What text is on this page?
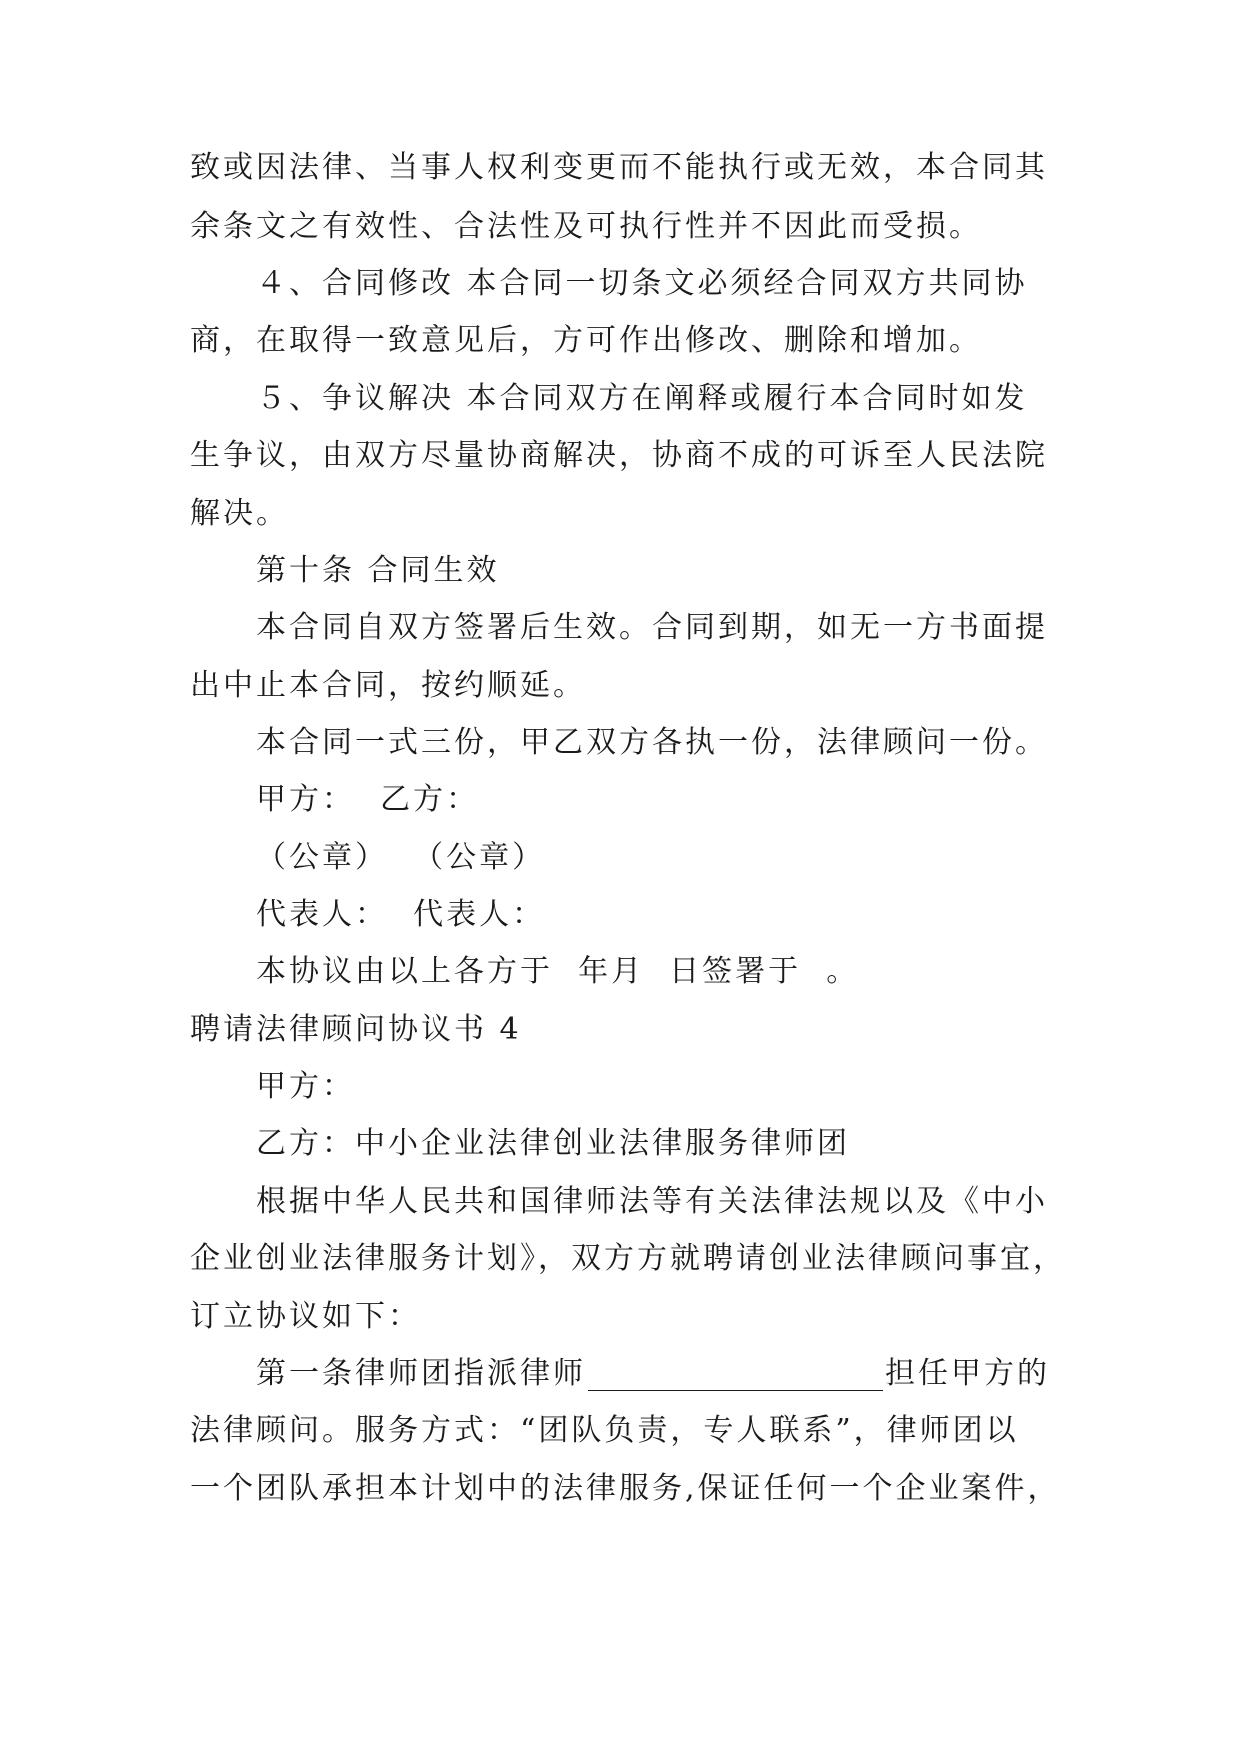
致或因法律、当事人权利变更而不能执行或无效，本合同其
余条文之有效性、合法性及可执行性并不因此而受损。
４、合同修改 本合同一切条文必须经合同双方共同协
商，在取得一致意见后，方可作出修改、删除和增加。
５、争议解决 本合同双方在阐释或履行本合同时如发
生争议，由双方尽量协商解决，协商不成的可诉至人民法院
解决。
第十条 合同生效
本合同自双方签署后生效。合同到期，如无一方书面提
出中止本合同，按约顺延。
本合同一式三份，甲乙双方各执一份，法律顾问一份。
甲方：  乙方：
（公章）  （公章）
代表人：  代表人：
本协议由以上各方于  年月  日签署于  。
聘请法律顾问协议书 4
甲方：
乙方：中小企业法律创业法律服务律师团
根据中华人民共和国律师法等有关法律法规以及《中小
企业创业法律服务计划》，双方方就聘请创业法律顾问事宜，
订立协议如下：
第一条律师团指派律师	担任甲方的
法律顾问。服务方式：“团队负责，专人联系”，律师团以
一个团队承担本计划中的法律服务,保证任何一个企业案件，
